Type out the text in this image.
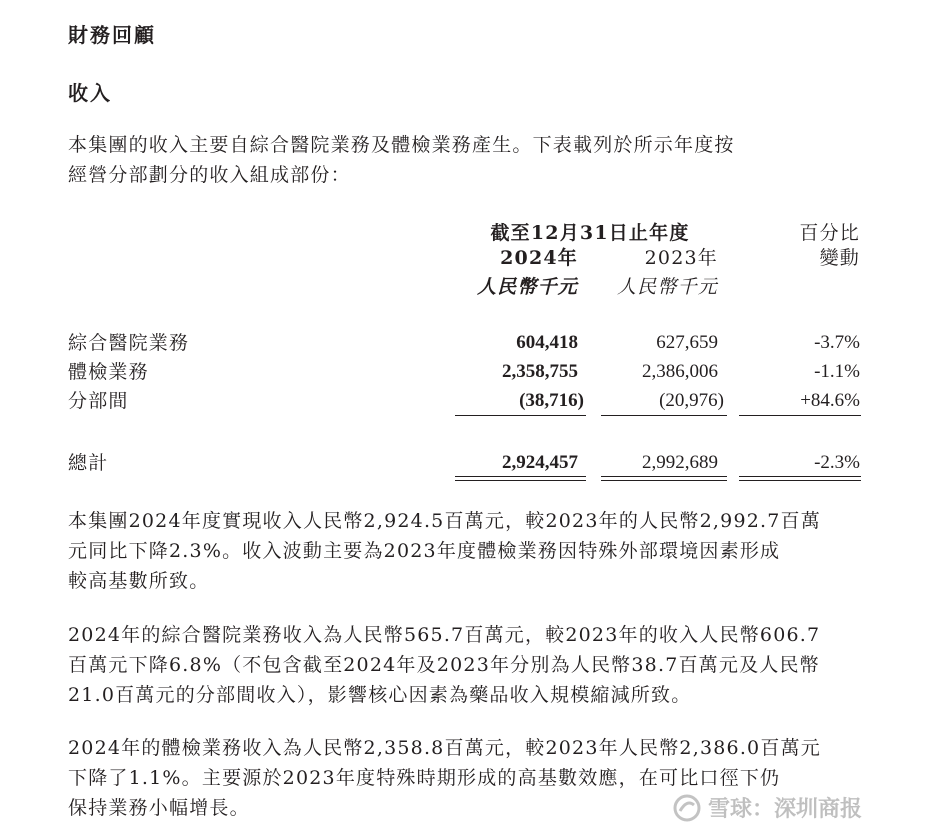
財務回顧
收入
本集團的收入主要自綜合醫院業務及體檢業務產生。下表載列於所示年度按
經營分部劃分的收入組成部份：
截至12月31日止年度
2024年	2023年
人民幣千元	人民幣千元
百分比
變動
綜合醫院業務	604,418	627,659	-3.7%
體檢業務	2,358,755	2,386,006	-1.1%
分部間	(38,716)	(20,976)	+84.6%
總計	2,924,457	2,992,689	-2.3%
本集團2024年度實現收入人民幣2,924.5百萬元，較2023年的人民幣2,992.7百萬
元同比下降2.3%。收入波動主要為2023年度體檢業務因特殊外部環境因素形成
較高基數所致。
2024年的綜合醫院業務收入為人民幣565.7百萬元，較2023年的收入人民幣606.7
百萬元下降6.8%（不包含截至2024年及2023年分別為人民幣38.7百萬元及人民幣
21.0百萬元的分部間收入），影響核心因素為藥品收入規模縮減所致。
2024年的體檢業務收入為人民幣2,358.8百萬元，較2023年人民幣2,386.0百萬元
下降了1.1%。主要源於2023年度特殊時期形成的高基數效應，在可比口徑下仍
保持業務小幅增長。	雪球：深圳商报
